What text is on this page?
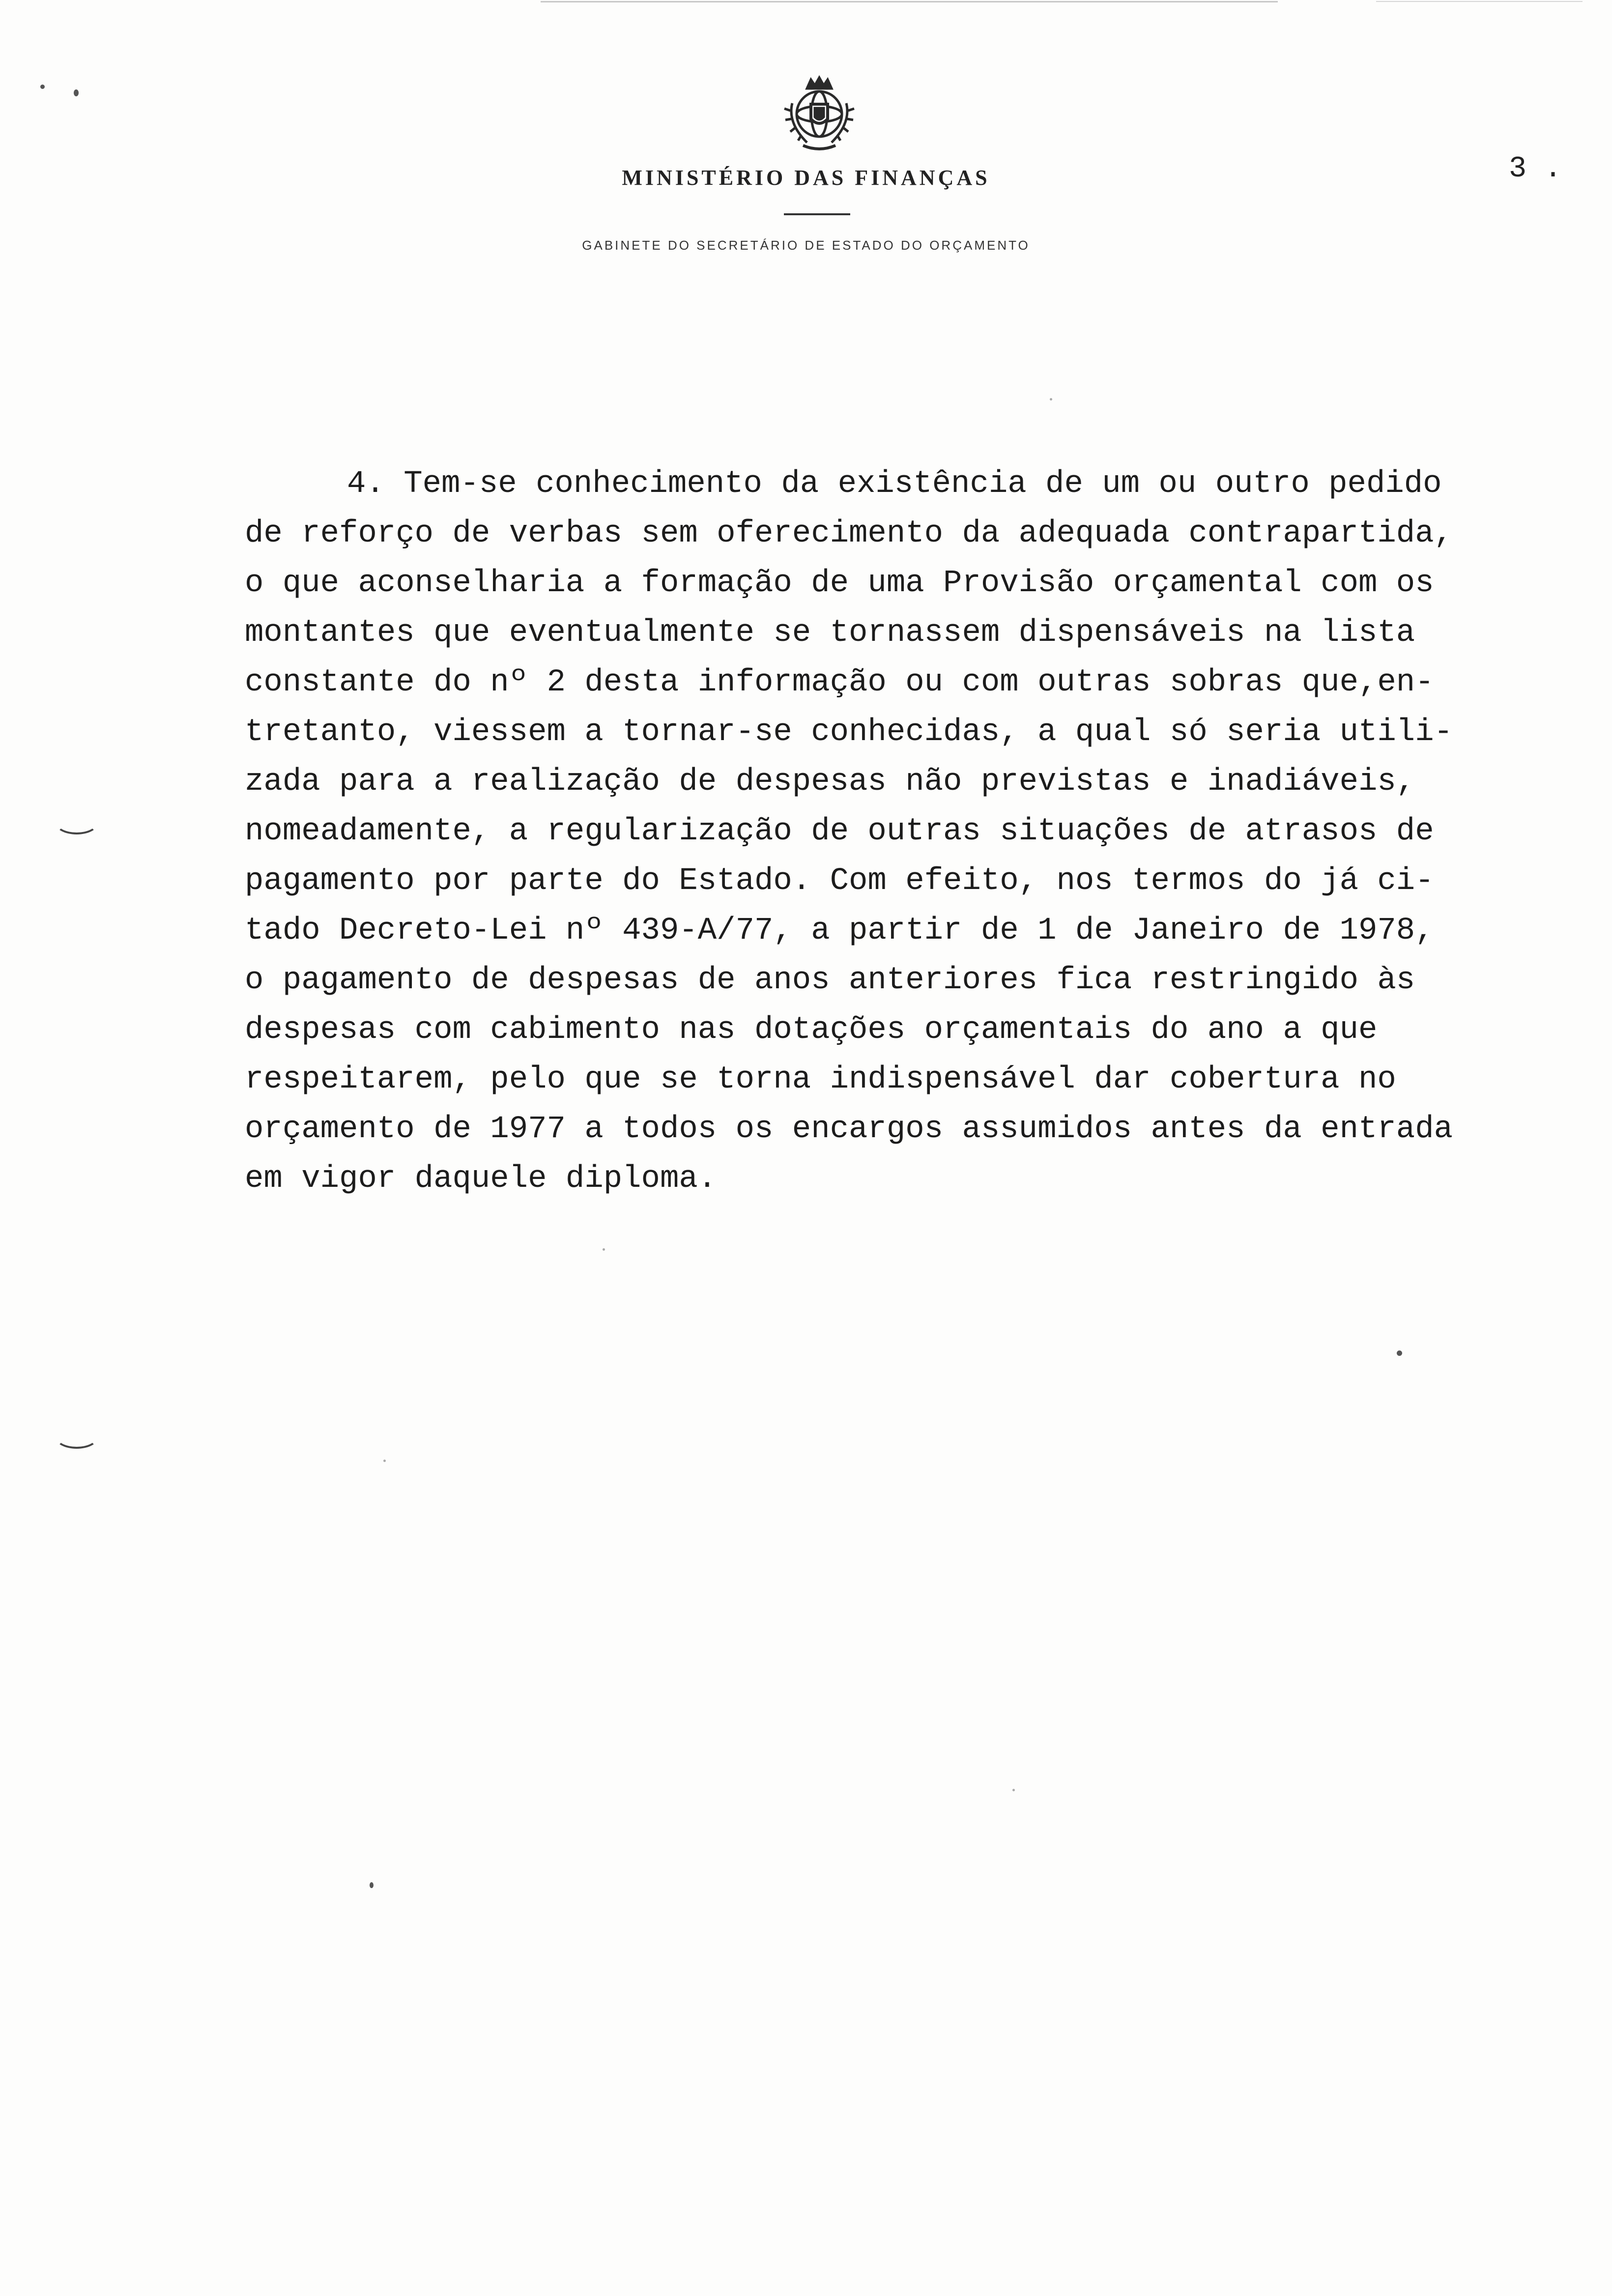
MINISTÉRIO DAS FINANÇAS
GABINETE DO SECRETÁRIO DE ESTADO DO ORÇAMENTO
3 .
4. Tem-se conhecimento da existência de um ou outro pedido
de reforço de verbas sem oferecimento da adequada contrapartida,
o que aconselharia a formação de uma Provisão orçamental com os
montantes que eventualmente se tornassem dispensáveis na lista
constante do nº 2 desta informação ou com outras sobras que,en-
tretanto, viessem a tornar-se conhecidas, a qual só seria utili-
zada para a realização de despesas não previstas e inadiáveis,
nomeadamente, a regularização de outras situações de atrasos de
pagamento por parte do Estado. Com efeito, nos termos do já ci-
tado Decreto-Lei nº 439-A/77, a partir de 1 de Janeiro de 1978,
o pagamento de despesas de anos anteriores fica restringido às
despesas com cabimento nas dotações orçamentais do ano a que
respeitarem, pelo que se torna indispensável dar cobertura no
orçamento de 1977 a todos os encargos assumidos antes da entrada
em vigor daquele diploma.
